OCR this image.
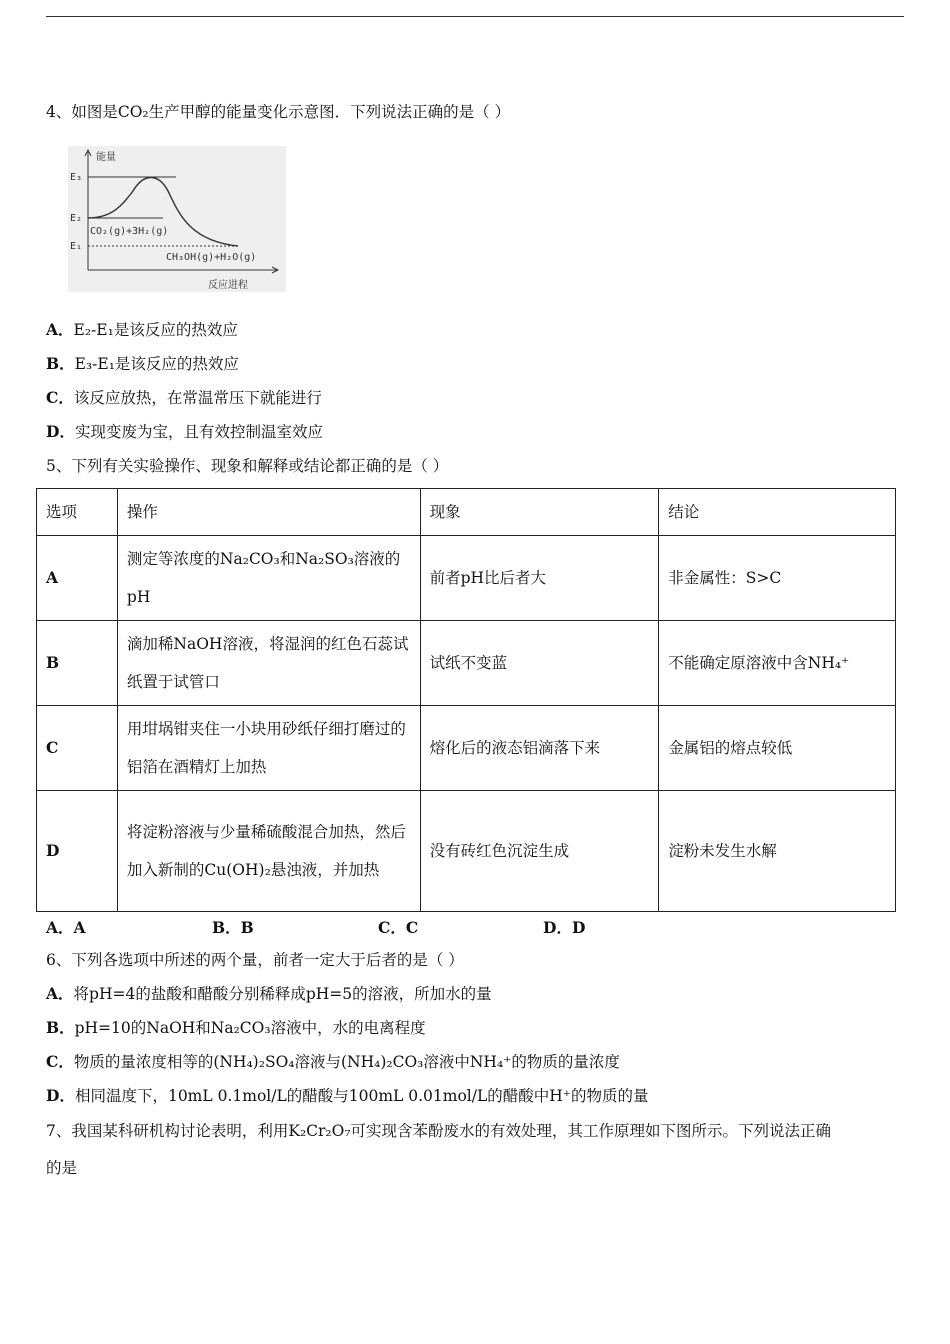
4、如图是CO₂生产甲醇的能量变化示意图．下列说法正确的是（ ）
能量
反应进程
E₃
E₂
E₁
CO₂(g)+3H₂(g)
CH₃OH(g)+H₂O(g)
A．E₂-E₁是该反应的热效应
B．E₃-E₁是该反应的热效应
C．该反应放热，在常温常压下就能进行
D．实现变废为宝，且有效控制温室效应
5、下列有关实验操作、现象和解释或结论都正确的是（ ）
选项	操作	现象	结论
A	测定等浓度的Na₂CO₃和Na₂SO₃溶液的pH	前者pH比后者大	非金属性：S>C
B	滴加稀NaOH溶液，将湿润的红色石蕊试纸置于试管口	试纸不变蓝	不能确定原溶液中含NH₄⁺
C	用坩埚钳夹住一小块用砂纸仔细打磨过的铝箔在酒精灯上加热	熔化后的液态铝滴落下来	金属铝的熔点较低
D	将淀粉溶液与少量稀硫酸混合加热，然后加入新制的Cu(OH)₂悬浊液，并加热	没有砖红色沉淀生成	淀粉未发生水解
A．A	B．B	C．C	D．D
6、下列各选项中所述的两个量，前者一定大于后者的是（ ）
A．将pH=4的盐酸和醋酸分别稀释成pH=5的溶液，所加水的量
B．pH=10的NaOH和Na₂CO₃溶液中，水的电离程度
C．物质的量浓度相等的(NH₄)₂SO₄溶液与(NH₄)₂CO₃溶液中NH₄⁺的物质的量浓度
D．相同温度下，10mL 0.1mol/L的醋酸与100mL 0.01mol/L的醋酸中H⁺的物质的量
7、我国某科研机构讨论表明，利用K₂Cr₂O₇可实现含苯酚废水的有效处理，其工作原理如下图所示。下列说法正确
的是
